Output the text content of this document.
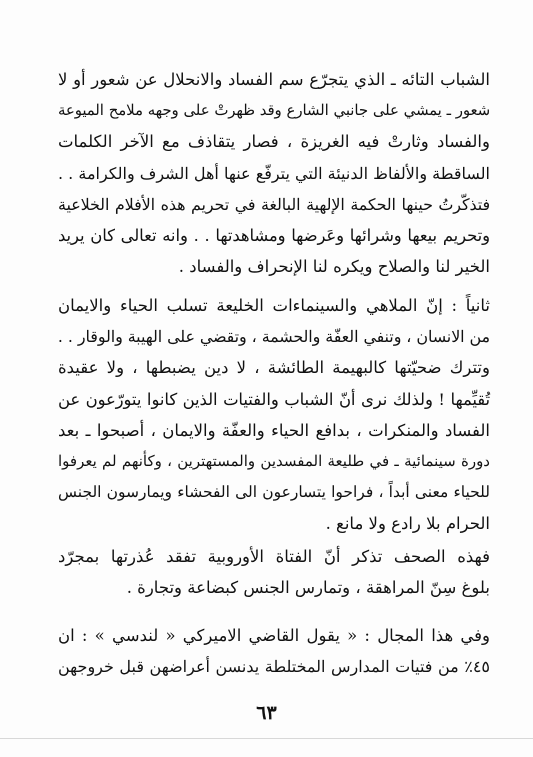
الشباب التائه ـ الذي يتجرّع سم الفساد والانحلال عن شعور أو لا
شعور ـ يمشي على جانبي الشارع وقد ظهرتْ على وجهه ملامح الميوعة
والفساد وثارتْ فيه الغريزة ، فصار يتقاذف مع الآخر الكلمات
الساقطة والألفاظ الدنيئة التي يترفّع عنها أهل الشرف والكرامة . .
فتذكّرتُ حينها الحكمة الإلهية البالغة في تحريم هذه الأفلام الخلاعية
وتحريم بيعها وشرائها وعَرضها ومشاهدتها . . وانه تعالى كان يريد
الخير لنا والصلاح ويكره لنا الإنحراف والفساد .
ثانياً : إنّ الملاهي والسينماءات الخليعة تسلب الحياء والايمان
من الانسان ، وتنفي العفّة والحشمة ، وتقضي على الهيبة والوقار . .
وتترك ضحيّتها كالبهيمة الطائشة ، لا دين يضبطها ، ولا عقيدة
تُقيِّمها ! ولذلك نرى أنّ الشباب والفتيات الذين كانوا يتورّعون عن
الفساد والمنكرات ، بدافع الحياء والعفّة والايمان ، أصبحوا ـ بعد
دورة سينمائية ـ في طليعة المفسدين والمستهترين ، وكأنهم لم يعرفوا
للحياء معنى أبداً ، فراحوا يتسارعون الى الفحشاء ويمارسون الجنس
الحرام بلا رادع ولا مانع .
فهذه الصحف تذكر أنّ الفتاة الأوروبية تفقد عُذرتها بمجرّد
بلوغ سِنّ المراهقة ، وتمارس الجنس كبضاعة وتجارة .
وفي هذا المجال : « يقول القاضي الاميركي « لندسي » : ان
٤٥٪ من فتيات المدارس المختلطة يدنسن أعراضهن قبل خروجهن
٦٣
